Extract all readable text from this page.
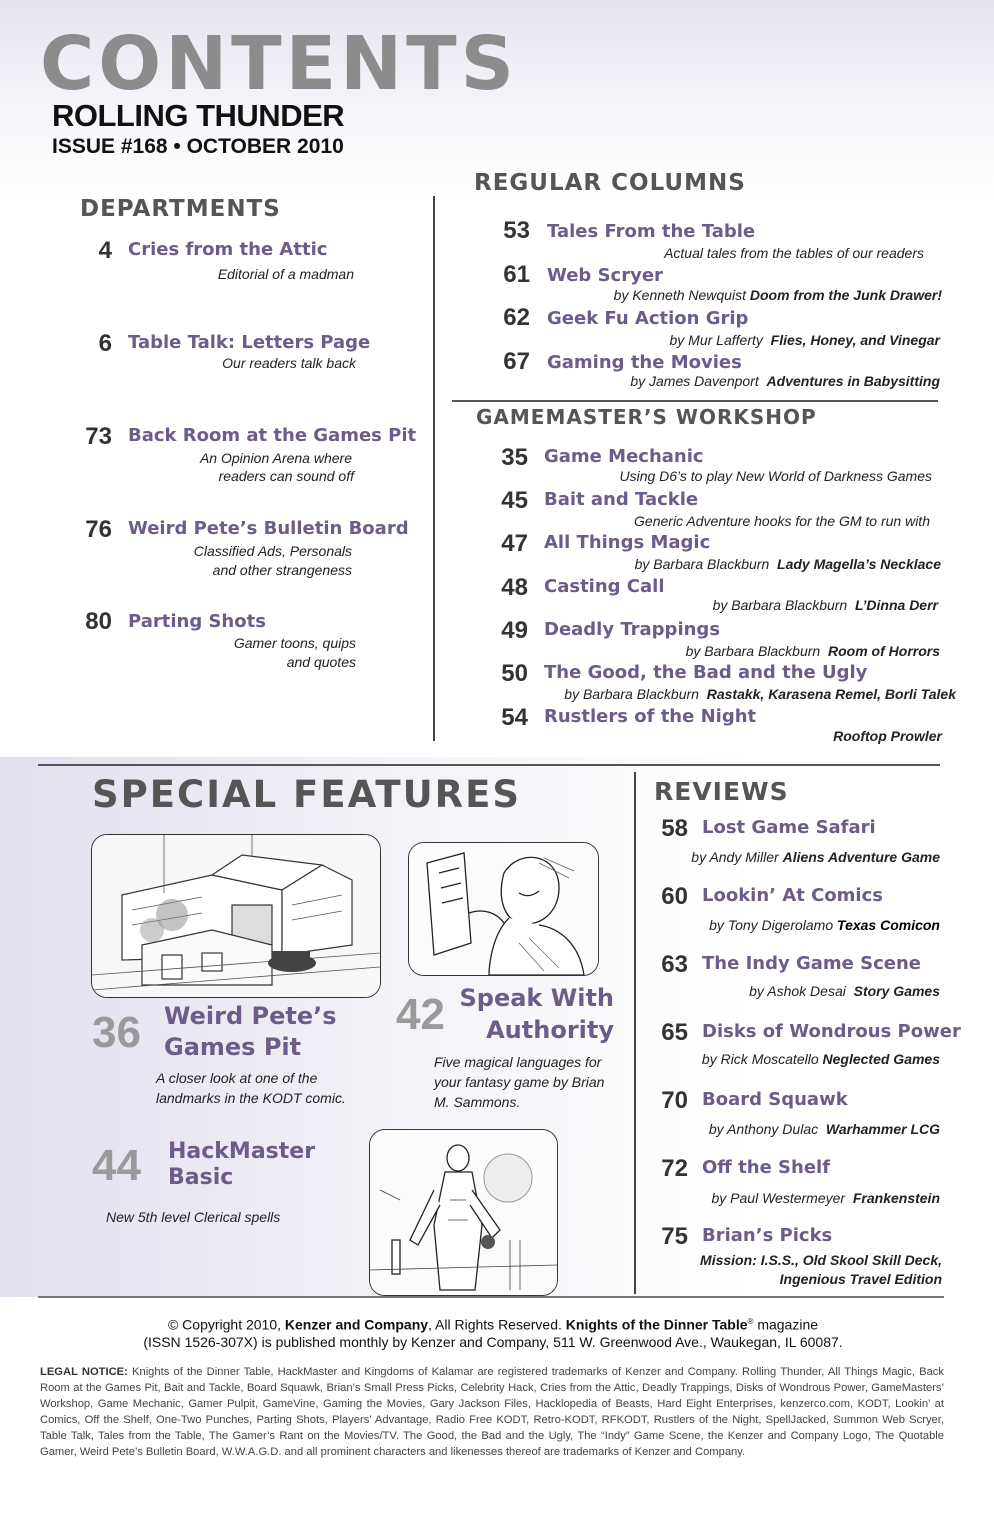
CONTENTS
ROLLING THUNDER
ISSUE #168 • OCTOBER 2010
DEPARTMENTS
4 Cries from the Attic
Editorial of a madman
6 Table Talk: Letters Page
Our readers talk back
73 Back Room at the Games Pit
An Opinion Arena where
readers can sound off
76 Weird Pete’s Bulletin Board
Classified Ads, Personals
and other strangeness
80 Parting Shots
Gamer toons, quips
and quotes
REGULAR COLUMNS
53 Tales From the Table
Actual tales from the tables of our readers
61 Web Scryer
by Kenneth Newquist Doom from the Junk Drawer!
62 Geek Fu Action Grip
by Mur Lafferty Flies, Honey, and Vinegar
67 Gaming the Movies
by James Davenport Adventures in Babysitting
GAMEMASTER’S WORKSHOP
35 Game Mechanic
Using D6’s to play New World of Darkness Games
45 Bait and Tackle
Generic Adventure hooks for the GM to run with
47 All Things Magic
by Barbara Blackburn Lady Magella’s Necklace
48 Casting Call
by Barbara Blackburn L’Dinna Derr
49 Deadly Trappings
by Barbara Blackburn Room of Horrors
50 The Good, the Bad and the Ugly
by Barbara Blackburn Rastakk, Karasena Remel, Borli Talek
54 Rustlers of the Night
Rooftop Prowler
SPECIAL FEATURES
36 Weird Pete’s
Games Pit
A closer look at one of the
landmarks in the KODT comic.
42 Speak With
Authority
Five magical languages for
your fantasy game by Brian
M. Sammons.
44 HackMaster
Basic
New 5th level Clerical spells
REVIEWS
58 Lost Game Safari
by Andy Miller Aliens Adventure Game
60 Lookin’ At Comics
by Tony Digerolamo Texas Comicon
63 The Indy Game Scene
by Ashok Desai Story Games
65 Disks of Wondrous Power
by Rick Moscatello Neglected Games
70 Board Squawk
by Anthony Dulac Warhammer LCG
72 Off the Shelf
by Paul Westermeyer Frankenstein
75 Brian’s Picks
Mission: I.S.S., Old Skool Skill Deck,
Ingenious Travel Edition
© Copyright 2010, Kenzer and Company, All Rights Reserved. Knights of the Dinner Table® magazine
(ISSN 1526-307X) is published monthly by Kenzer and Company, 511 W. Greenwood Ave., Waukegan, IL 60087.
LEGAL NOTICE: Knights of the Dinner Table, HackMaster and Kingdoms of Kalamar are registered trademarks of Kenzer and Company. Rolling Thunder, All Things Magic, Back Room at the Games Pit, Bait and Tackle, Board Squawk, Brian’s Small Press Picks, Celebrity Hack, Cries from the Attic, Deadly Trappings, Disks of Wondrous Power, GameMasters’ Workshop, Game Mechanic, Gamer Pulpit, GameVine, Gaming the Movies, Gary Jackson Files, Hacklopedia of Beasts, Hard Eight Enterprises, kenzerco.com, KODT, Lookin’ at Comics, Off the Shelf, One-Two Punches, Parting Shots, Players’ Advantage, Radio Free KODT, Retro-KODT, RFKODT, Rustlers of the Night, SpellJacked, Summon Web Scryer, Table Talk, Tales from the Table, The Gamer’s Rant on the Movies/TV. The Good, the Bad and the Ugly, The “Indy” Game Scene, the Kenzer and Company Logo, The Quotable Gamer, Weird Pete’s Bulletin Board, W.W.A.G.D. and all prominent characters and likenesses thereof are trademarks of Kenzer and Company.
